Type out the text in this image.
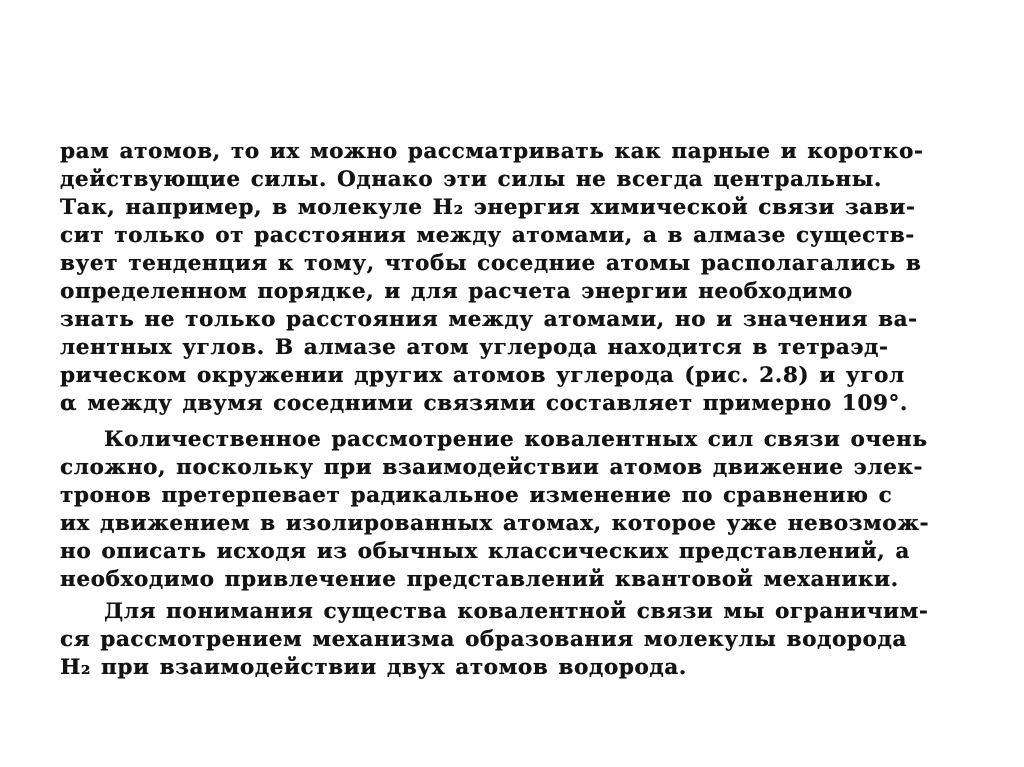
рам атомов, то их можно рассматривать как парные и коротко-
действующие силы. Однако эти силы не всегда центральны.
Так, например, в молекуле H₂ энергия химической связи зави-
сит только от расстояния между атомами, а в алмазе существ-
вует тенденция к тому, чтобы соседние атомы располагались в
определенном порядке, и для расчета энергии необходимо
знать не только расстояния между атомами, но и значения ва-
лентных углов. В алмазе атом углерода находится в тетраэд-
рическом окружении других атомов углерода (рис. 2.8) и угол
α между двумя соседними связями составляет примерно 109°.
Количественное рассмотрение ковалентных сил связи очень
сложно, поскольку при взаимодействии атомов движение элек-
тронов претерпевает радикальное изменение по сравнению с
их движением в изолированных атомах, которое уже невозмож-
но описать исходя из обычных классических представлений, а
необходимо привлечение представлений квантовой механики.
Для понимания существа ковалентной связи мы ограничим-
ся рассмотрением механизма образования молекулы водорода
H₂ при взаимодействии двух атомов водорода.
